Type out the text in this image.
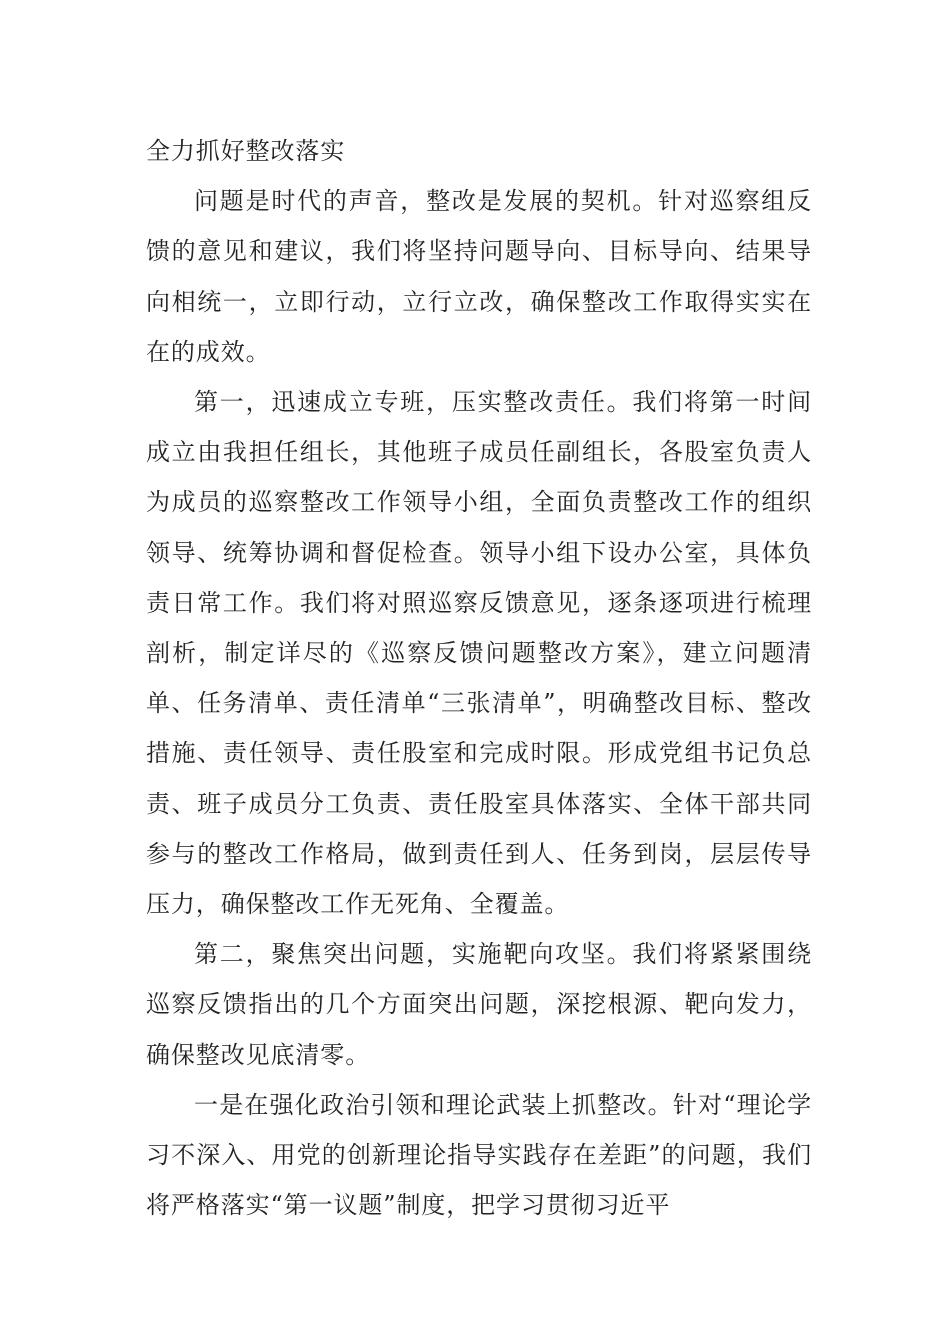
全力抓好整改落实

问题是时代的声音，整改是发展的契机。针对巡察组反馈的意见和建议，我们将坚持问题导向、目标导向、结果导向相统一，立即行动，立行立改，确保整改工作取得实实在在的成效。

第一，迅速成立专班，压实整改责任。我们将第一时间成立由我担任组长，其他班子成员任副组长，各股室负责人为成员的巡察整改工作领导小组，全面负责整改工作的组织领导、统筹协调和督促检查。领导小组下设办公室，具体负责日常工作。我们将对照巡察反馈意见，逐条逐项进行梳理剖析，制定详尽的《巡察反馈问题整改方案》，建立问题清单、任务清单、责任清单“三张清单”，明确整改目标、整改措施、责任领导、责任股室和完成时限。形成党组书记负总责、班子成员分工负责、责任股室具体落实、全体干部共同参与的整改工作格局，做到责任到人、任务到岗，层层传导压力，确保整改工作无死角、全覆盖。

第二，聚焦突出问题，实施靶向攻坚。我们将紧紧围绕巡察反馈指出的几个方面突出问题，深挖根源、靶向发力，确保整改见底清零。

一是在强化政治引领和理论武装上抓整改。针对“理论学习不深入、用党的创新理论指导实践存在差距”的问题，我们将严格落实“第一议题”制度，把学习贯彻习近平
